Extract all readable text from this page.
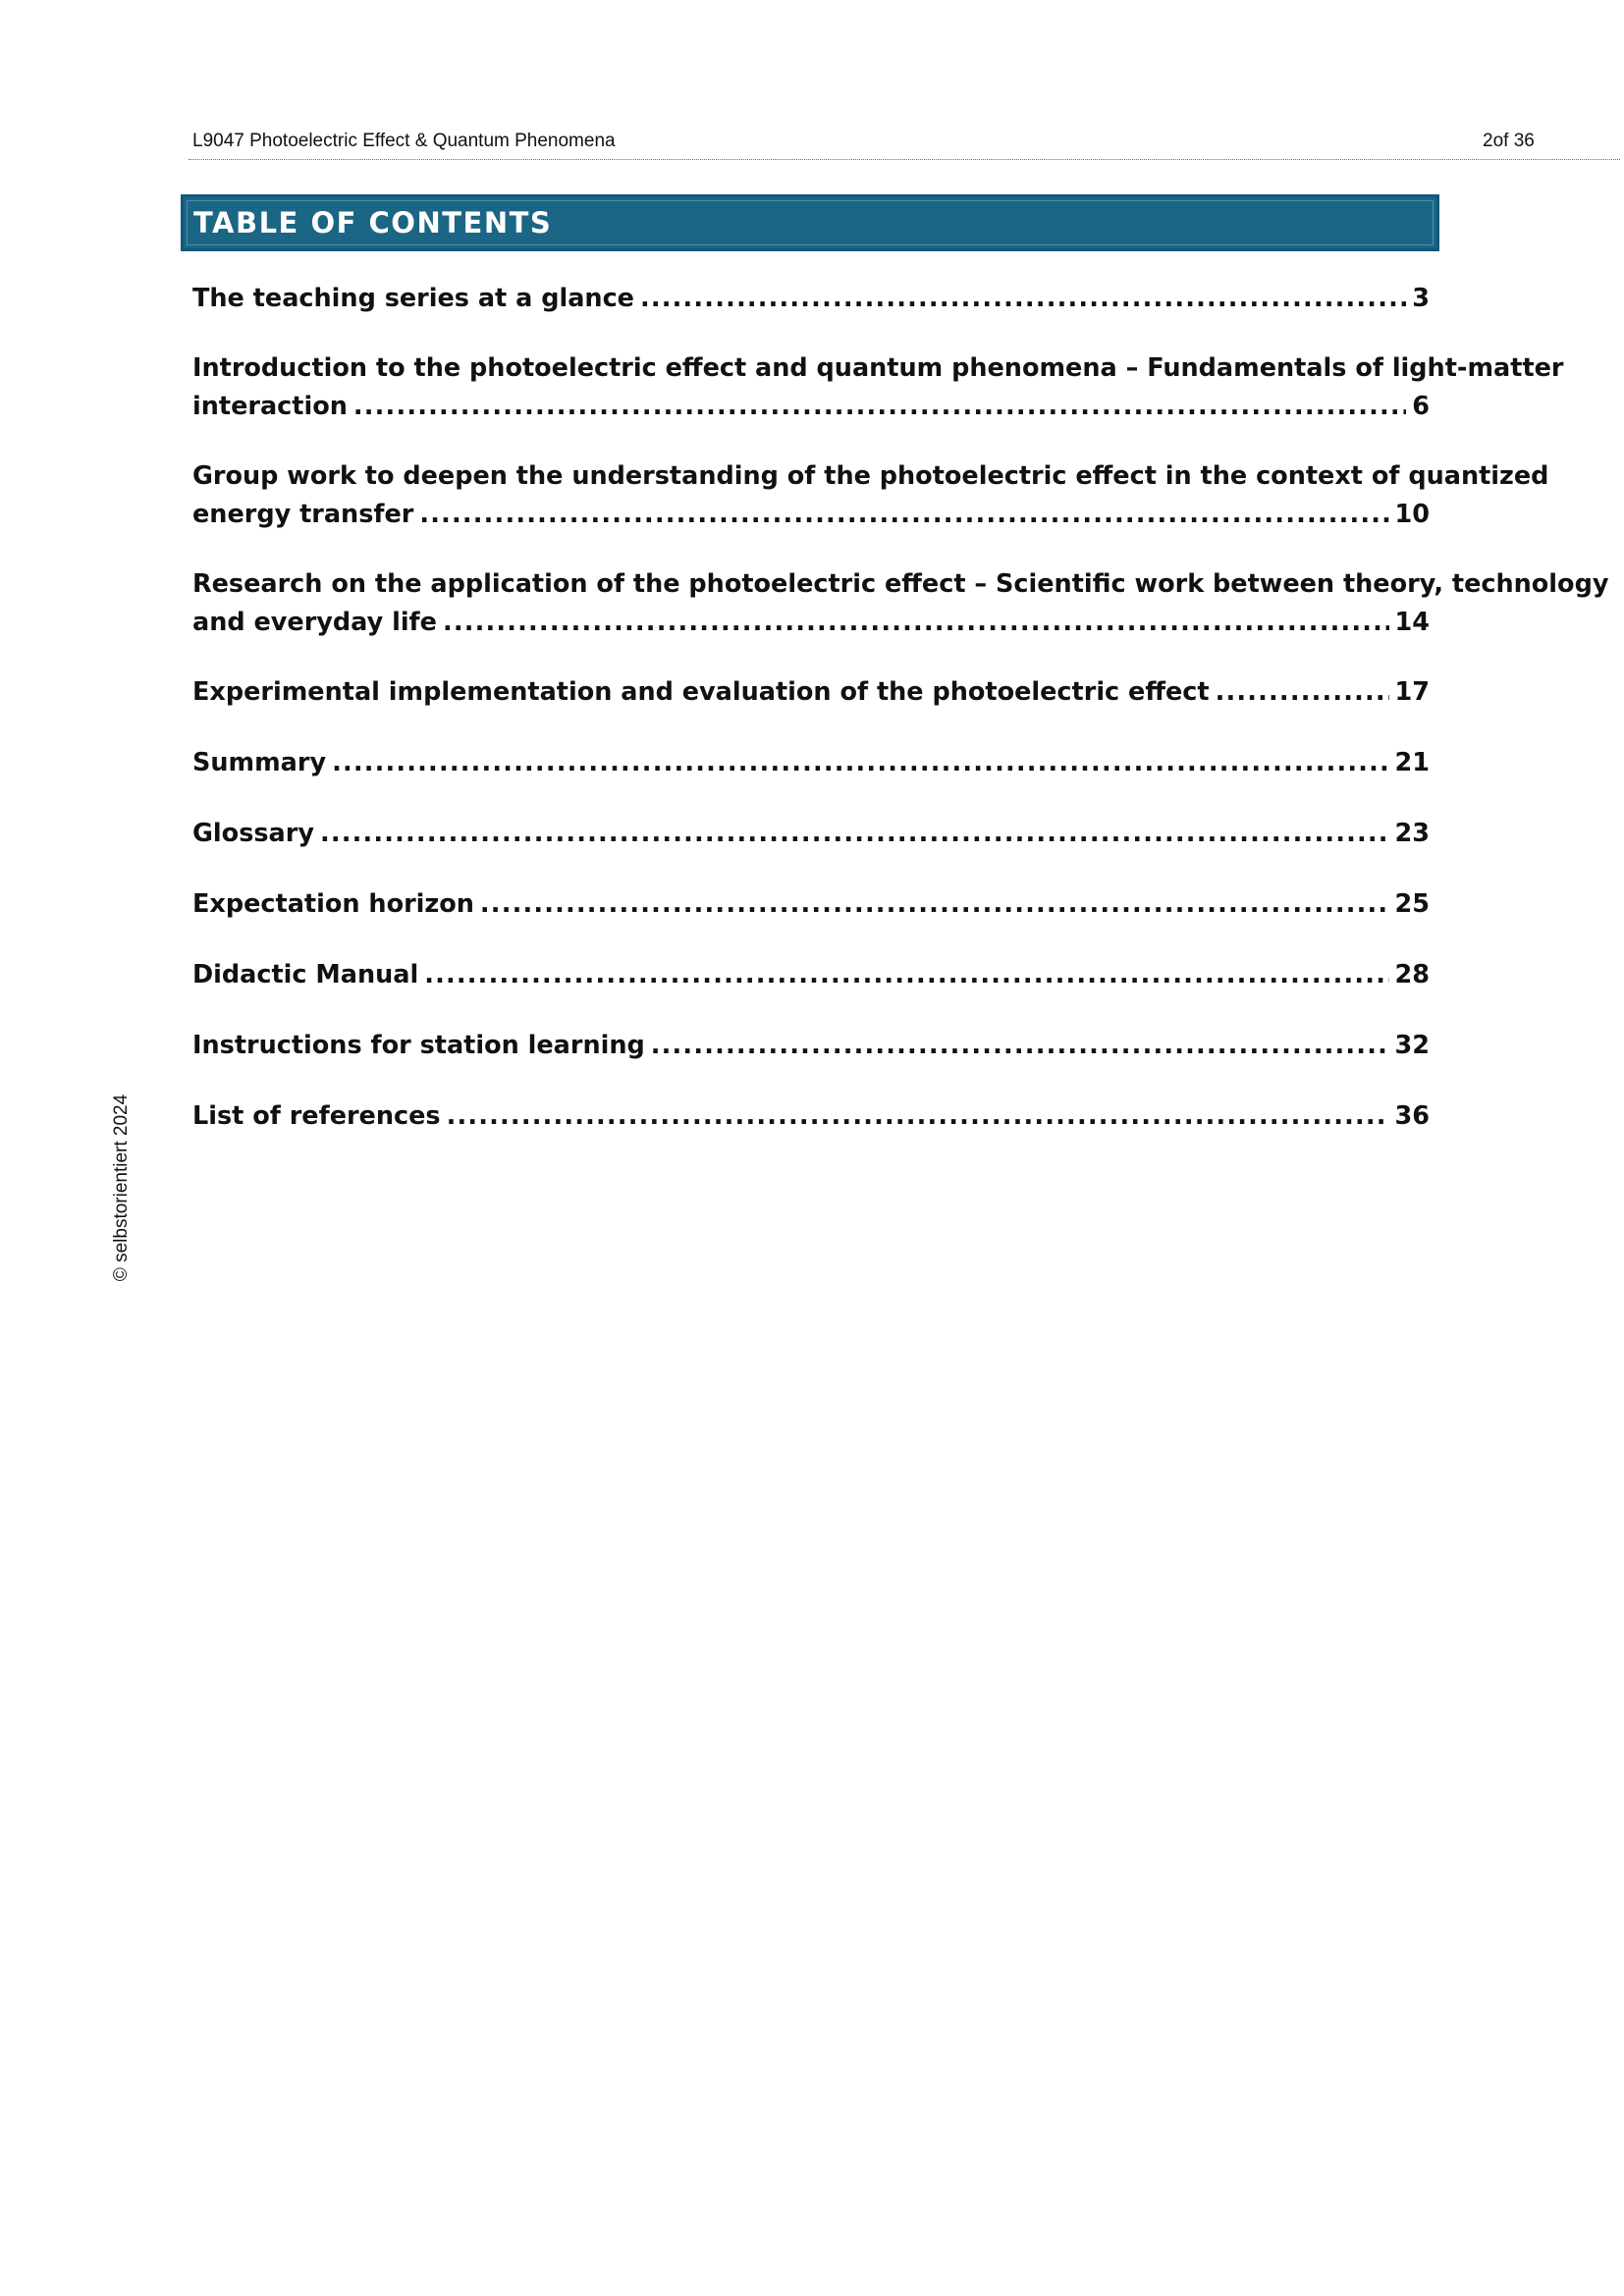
L9047 Photoelectric Effect & Quantum Phenomena	2of 36
TABLE OF CONTENTS
The teaching series at a glance .....	3
Introduction to the photoelectric effect and quantum phenomena – Fundamentals of light-matter
interaction .....	6
Group work to deepen the understanding of the photoelectric effect in the context of quantized
energy transfer .....	10
Research on the application of the photoelectric effect – Scientific work between theory, technology
and everyday life .....	14
Experimental implementation and evaluation of the photoelectric effect .....	17
Summary .....	21
Glossary .....	23
Expectation horizon .....	25
Didactic Manual .....	28
Instructions for station learning .....	32
List of references .....	36
© selbstorientiert 2024
